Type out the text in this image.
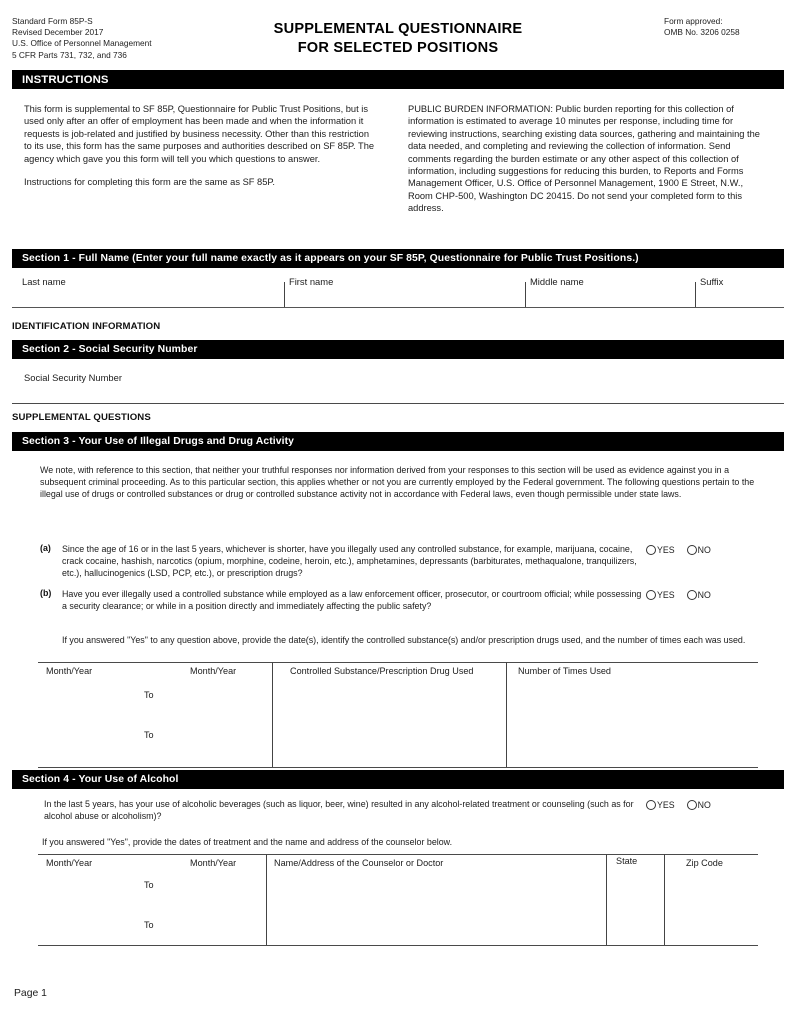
Standard Form 85P-S
Revised December 2017
U.S. Office of Personnel Management
5 CFR Parts 731, 732, and 736
SUPPLEMENTAL QUESTIONNAIRE
FOR SELECTED POSITIONS
Form approved:
OMB No. 3206 0258
INSTRUCTIONS

This form is supplemental to SF 85P, Questionnaire for Public Trust Positions, but is used only after an offer of employment has been made and when the information it requests is job-related and justified by business necessity. Other than this restriction to its use, this form has the same purposes and authorities described on SF 85P. The agency which gave you this form will tell you which questions to answer.

Instructions for completing this form are the same as SF 85P.

PUBLIC BURDEN INFORMATION: Public burden reporting for this collection of information is estimated to average 10 minutes per response, including time for reviewing instructions, searching existing data sources, gathering and maintaining the data needed, and completing and reviewing the collection of information. Send comments regarding the burden estimate or any other aspect of this collection of information, including suggestions for reducing this burden, to Reports and Forms Management Officer, U.S. Office of Personnel Management, 1900 E Street, N.W., Room CHP-500, Washington DC 20415. Do not send your completed form to this address.

Section 1 - Full Name (Enter your full name exactly as it appears on your SF 85P, Questionnaire for Public Trust Positions.)
Last name	First name	Middle name	Suffix
IDENTIFICATION INFORMATION
Section 2 - Social Security Number
Social Security Number
SUPPLEMENTAL QUESTIONS
Section 3 - Your Use of Illegal Drugs and Drug Activity
We note, with reference to this section, that neither your truthful responses nor information derived from your responses to this section will be used as evidence against you in a subsequent criminal proceeding. As to this particular section, this applies whether or not you are currently employed by the Federal government. The following questions pertain to the illegal use of drugs or controlled substances or drug or controlled substance activity not in accordance with Federal laws, even though permissible under state laws.
(a)	Since the age of 16 or in the last 5 years, whichever is shorter, have you illegally used any controlled substance, for example, marijuana, cocaine, crack cocaine, hashish, narcotics (opium, morphine, codeine, heroin, etc.), amphetamines, depressants (barbiturates, methaqualone, tranquilizers, etc.), hallucinogenics (LSD, PCP, etc.), or prescription drugs?
YES	NO
(b)	Have you ever illegally used a controlled substance while employed as a law enforcement officer, prosecutor, or courtroom official; while possessing a security clearance; or while in a position directly and immediately affecting the public safety?
YES	NO
If you answered "Yes" to any question above, provide the date(s), identify the controlled substance(s) and/or prescription drugs used, and the number of times each was used.
Month/Year	Month/Year	Controlled Substance/Prescription Drug Used	Number of Times Used
To
To
Section 4 - Your Use of Alcohol
In the last 5 years, has your use of alcoholic beverages (such as liquor, beer, wine) resulted in any alcohol-related treatment or counseling (such as for alcohol abuse or alcoholism)?
YES	NO
If you answered "Yes", provide the dates of treatment and the name and address of the counselor below.
Month/Year	Month/Year	Name/Address of the Counselor or Doctor	State	Zip Code
To
To
Page 1
